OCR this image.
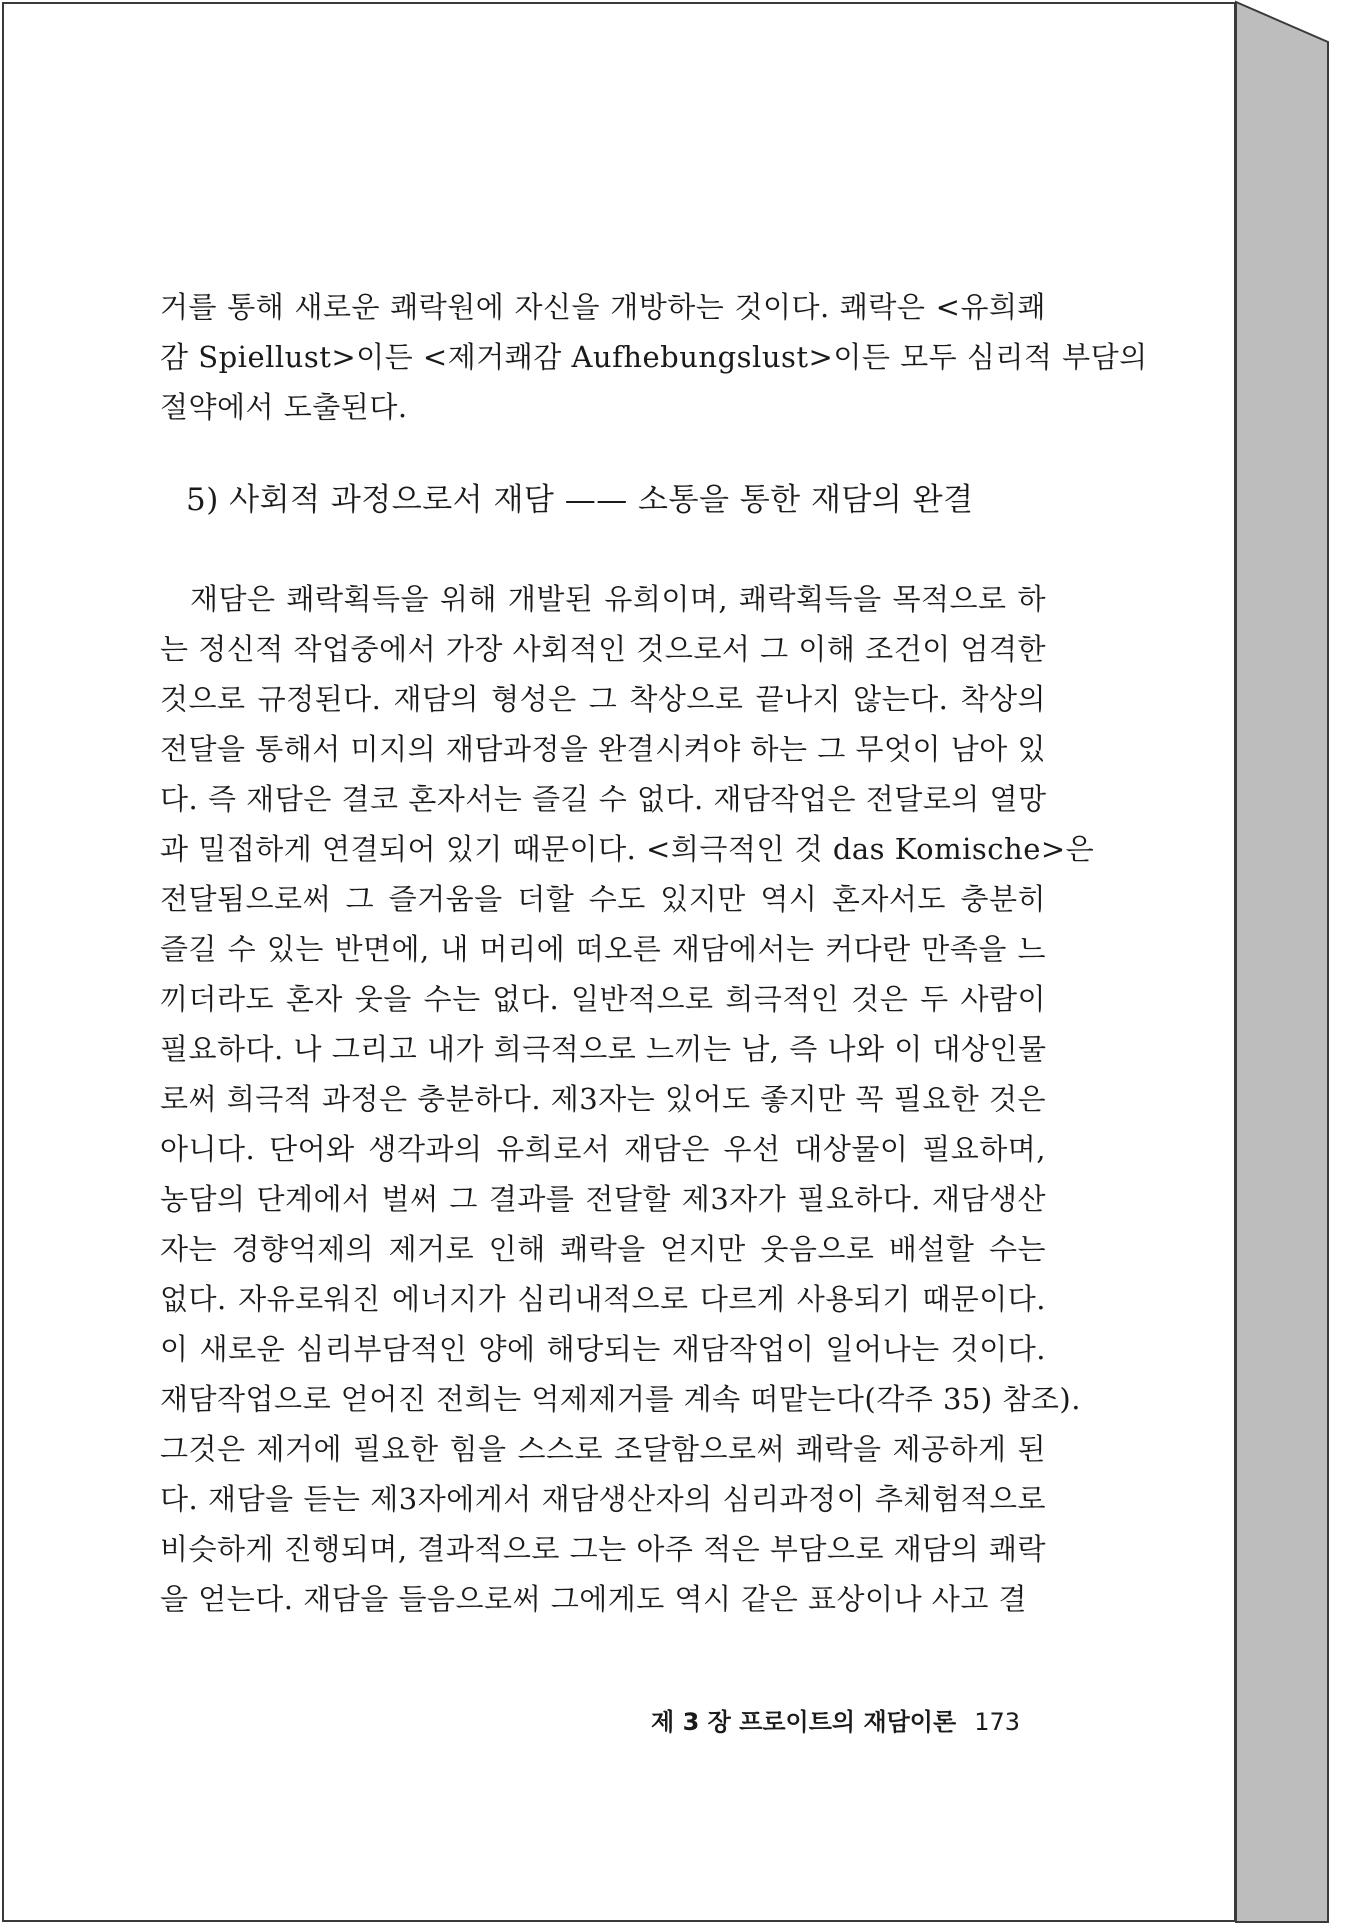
거를 통해 새로운 쾌락원에 자신을 개방하는 것이다. 쾌락은 <유희쾌
감 Spiellust>이든 <제거쾌감 Aufhebungslust>이든 모두 심리적 부담의
절약에서 도출된다.
5) 사회적 과정으로서 재담 —— 소통을 통한 재담의 완결
재담은 쾌락획득을 위해 개발된 유희이며, 쾌락획득을 목적으로 하
는 정신적 작업중에서 가장 사회적인 것으로서 그 이해 조건이 엄격한
것으로 규정된다. 재담의 형성은 그 착상으로 끝나지 않는다. 착상의
전달을 통해서 미지의 재담과정을 완결시켜야 하는 그 무엇이 남아 있
다. 즉 재담은 결코 혼자서는 즐길 수 없다. 재담작업은 전달로의 열망
과 밀접하게 연결되어 있기 때문이다. <희극적인 것 das Komische>은
전달됨으로써 그 즐거움을 더할 수도 있지만 역시 혼자서도 충분히
즐길 수 있는 반면에, 내 머리에 떠오른 재담에서는 커다란 만족을 느
끼더라도 혼자 웃을 수는 없다. 일반적으로 희극적인 것은 두 사람이
필요하다. 나 그리고 내가 희극적으로 느끼는 남, 즉 나와 이 대상인물
로써 희극적 과정은 충분하다. 제3자는 있어도 좋지만 꼭 필요한 것은
아니다. 단어와 생각과의 유희로서 재담은 우선 대상물이 필요하며,
농담의 단계에서 벌써 그 결과를 전달할 제3자가 필요하다. 재담생산
자는 경향억제의 제거로 인해 쾌락을 얻지만 웃음으로 배설할 수는
없다. 자유로워진 에너지가 심리내적으로 다르게 사용되기 때문이다.
이 새로운 심리부담적인 양에 해당되는 재담작업이 일어나는 것이다.
재담작업으로 얻어진 전희는 억제제거를 계속 떠맡는다(각주 35) 참조).
그것은 제거에 필요한 힘을 스스로 조달함으로써 쾌락을 제공하게 된
다. 재담을 듣는 제3자에게서 재담생산자의 심리과정이 추체험적으로
비슷하게 진행되며, 결과적으로 그는 아주 적은 부담으로 재담의 쾌락
을 얻는다. 재담을 들음으로써 그에게도 역시 같은 표상이나 사고 결
제 3 장 프로이트의 재담이론 173
